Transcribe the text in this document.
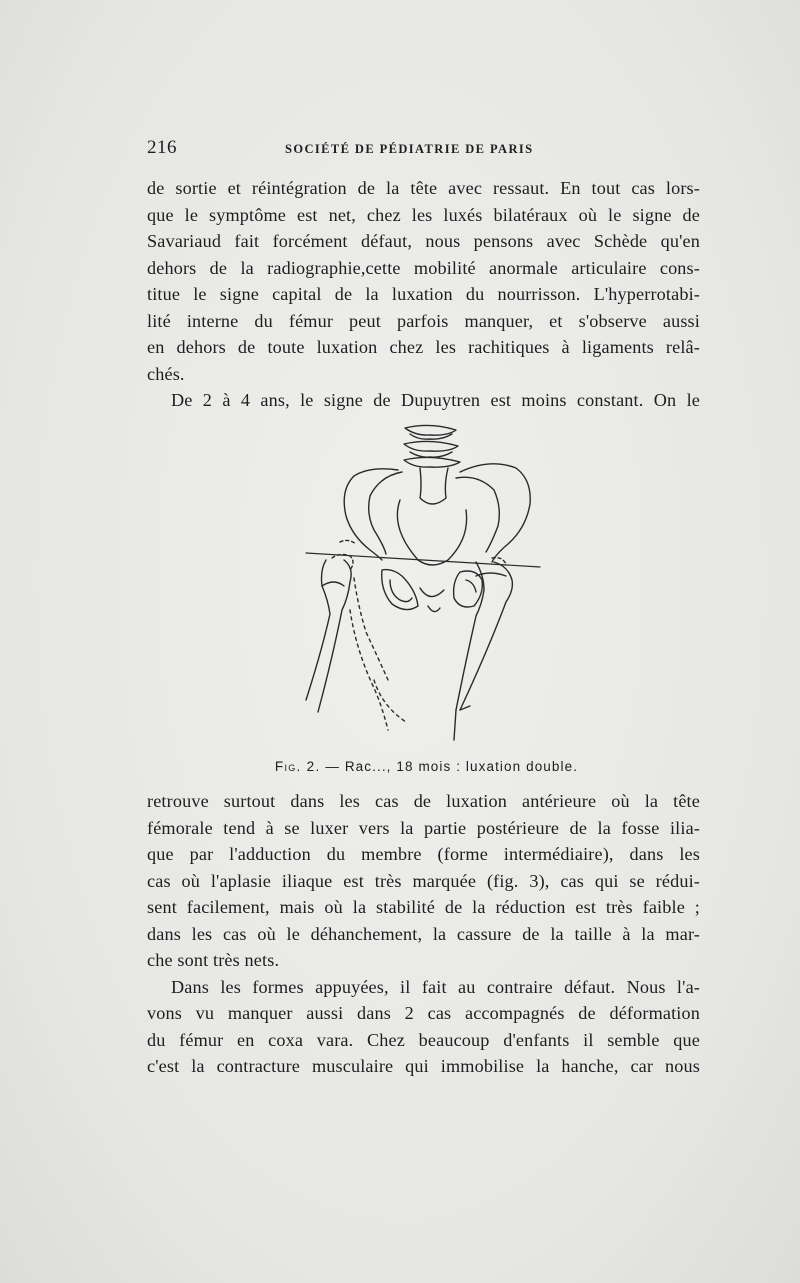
216	SOCIÉTÉ DE PÉDIATRIE DE PARIS
de sortie et réintégration de la tête avec ressaut. En tout cas lors-
que le symptôme est net, chez les luxés bilatéraux où le signe de
Savariaud fait forcément défaut, nous pensons avec Schède qu'en
dehors de la radiographie,cette mobilité anormale articulaire cons-
titue le signe capital de la luxation du nourrisson. L'hyperrotabi-
lité interne du fémur peut parfois manquer, et s'observe aussi
en dehors de toute luxation chez les rachitiques à ligaments relâ-
chés.
De 2 à 4 ans, le signe de Dupuytren est moins constant. On le
Fig. 2. — Rac..., 18 mois : luxation double.
retrouve surtout dans les cas de luxation antérieure où la tête
fémorale tend à se luxer vers la partie postérieure de la fosse ilia-
que par l'adduction du membre (forme intermédiaire), dans les
cas où l'aplasie iliaque est très marquée (fig. 3), cas qui se rédui-
sent facilement, mais où la stabilité de la réduction est très faible ;
dans les cas où le déhanchement, la cassure de la taille à la mar-
che sont très nets.
Dans les formes appuyées, il fait au contraire défaut. Nous l'a-
vons vu manquer aussi dans 2 cas accompagnés de déformation
du fémur en coxa vara. Chez beaucoup d'enfants il semble que
c'est la contracture musculaire qui immobilise la hanche, car nous
